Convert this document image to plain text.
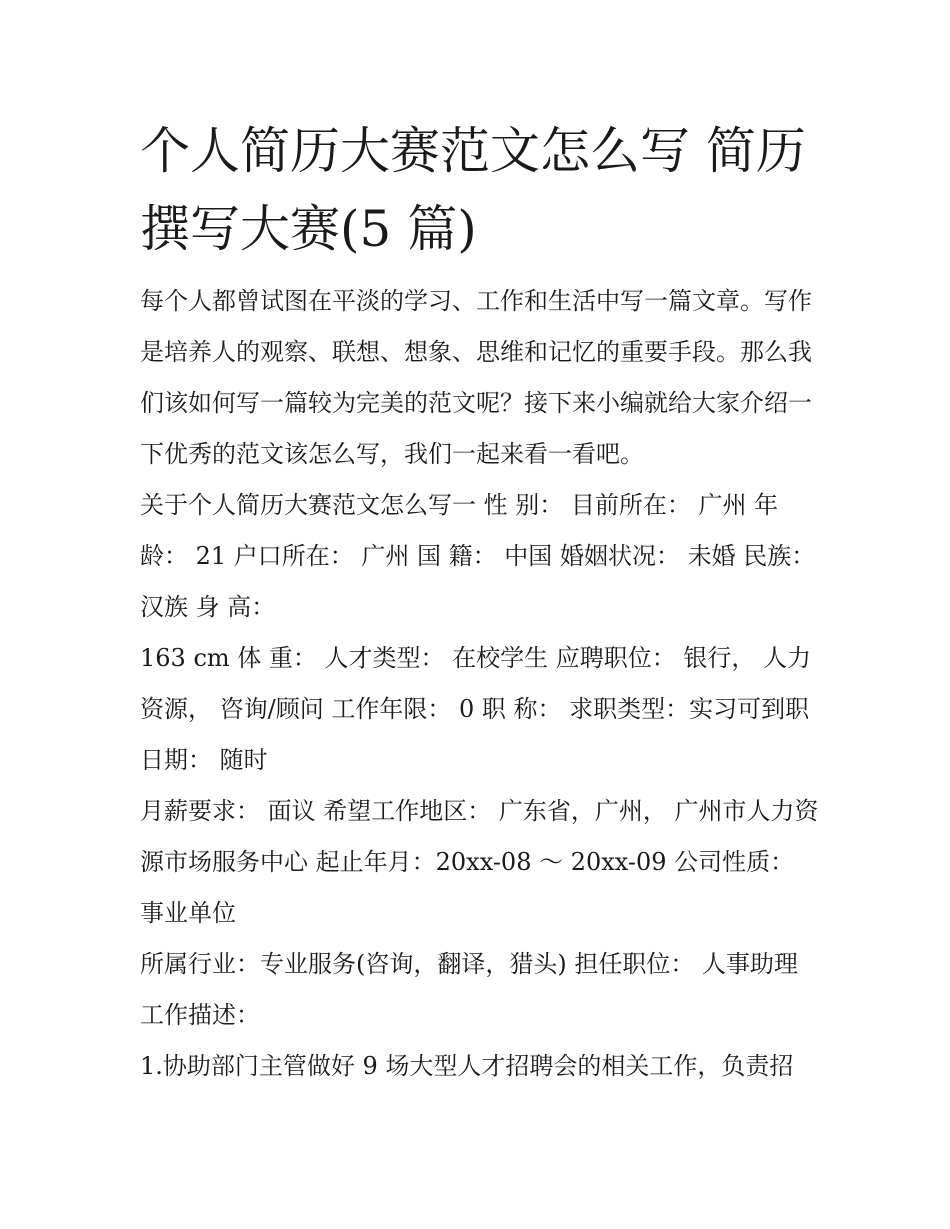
个人简历大赛范文怎么写 简历撰写大赛(5 篇)

每个人都曾试图在平淡的学习、工作和生活中写一篇文章。写作是培养人的观察、联想、想象、思维和记忆的重要手段。那么我们该如何写一篇较为完美的范文呢？接下来小编就给大家介绍一下优秀的范文该怎么写，我们一起来看一看吧。

关于个人简历大赛范文怎么写一 性 别： 目前所在： 广州 年龄： 21 户口所在： 广州 国 籍： 中国 婚姻状况： 未婚 民族： 汉族 身 高：

163 cm 体 重： 人才类型： 在校学生 应聘职位： 银行， 人力资源， 咨询/顾问 工作年限： 0 职 称： 求职类型：实习可到职日期： 随时

月薪要求： 面议 希望工作地区： 广东省，广州， 广州市人力资源市场服务中心 起止年月：20xx-08 ～ 20xx-09 公司性质： 事业单位

所属行业：专业服务(咨询，翻译，猎头) 担任职位： 人事助理 工作描述：

1.协助部门主管做好 9 场大型人才招聘会的相关工作，负责招
